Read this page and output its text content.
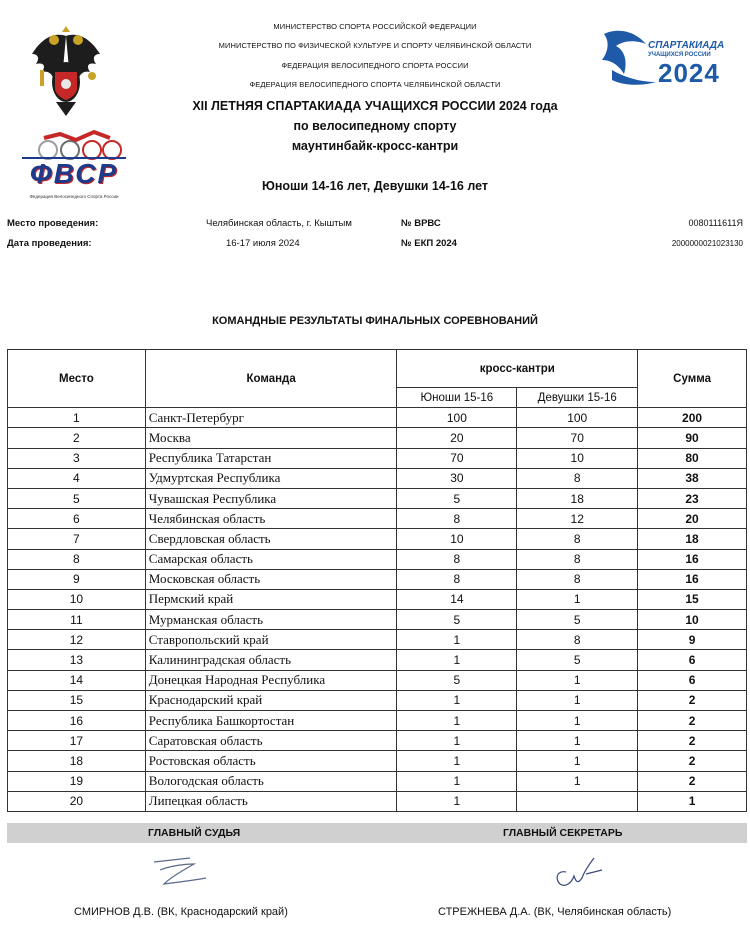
ФВСР
Федерация Велосипедного Спорта России
СПАРТАКИАДА
УЧАЩИХСЯ РОССИИ
2024
МИНИСТЕРСТВО СПОРТА РОССИЙСКОЙ ФЕДЕРАЦИИ
МИНИСТЕРСТВО ПО ФИЗИЧЕСКОЙ КУЛЬТУРЕ И СПОРТУ ЧЕЛЯБИНСКОЙ ОБЛАСТИ
ФЕДЕРАЦИЯ ВЕЛОСИПЕДНОГО СПОРТА РОССИИ
ФЕДЕРАЦИЯ ВЕЛОСИПЕДНОГО СПОРТА ЧЕЛЯБИНСКОЙ ОБЛАСТИ
XII ЛЕТНЯЯ СПАРТАКИАДА УЧАЩИХСЯ РОССИИ 2024 года
по велосипедному спорту
маунтинбайк-кросс-кантри
Юноши 14-16 лет, Девушки 14-16 лет
Место проведения:	Челябинская область, г. Кыштым	№ ВРВС	0080111611Я
Дата проведения:	16-17 июля 2024	№ ЕКП 2024	2000000021023130
КОМАНДНЫЕ РЕЗУЛЬТАТЫ ФИНАЛЬНЫХ СОРЕВНОВАНИЙ
Место	Команда	кросс-кантри		Сумма
		Юноши 15-16	Девушки 15-16	
1	Санкт-Петербург	100	100	200
2	Москва	20	70	90
3	Республика Татарстан	70	10	80
4	Удмуртская Республика	30	8	38
5	Чувашская Республика	5	18	23
6	Челябинская область	8	12	20
7	Свердловская область	10	8	18
8	Самарская область	8	8	16
9	Московская область	8	8	16
10	Пермский край	14	1	15
11	Мурманская область	5	5	10
12	Ставропольский край	1	8	9
13	Калининградская область	1	5	6
14	Донецкая Народная Республика	5	1	6
15	Краснодарский край	1	1	2
16	Республика Башкортостан	1	1	2
17	Саратовская область	1	1	2
18	Ростовская область	1	1	2
19	Вологодская область	1	1	2
20	Липецкая область	1		1
ГЛАВНЫЙ СУДЬЯ	ГЛАВНЫЙ СЕКРЕТАРЬ
СМИРНОВ Д.В. (ВК, Краснодарский край)	СТРЕЖНЕВА Д.А. (ВК, Челябинская область)
